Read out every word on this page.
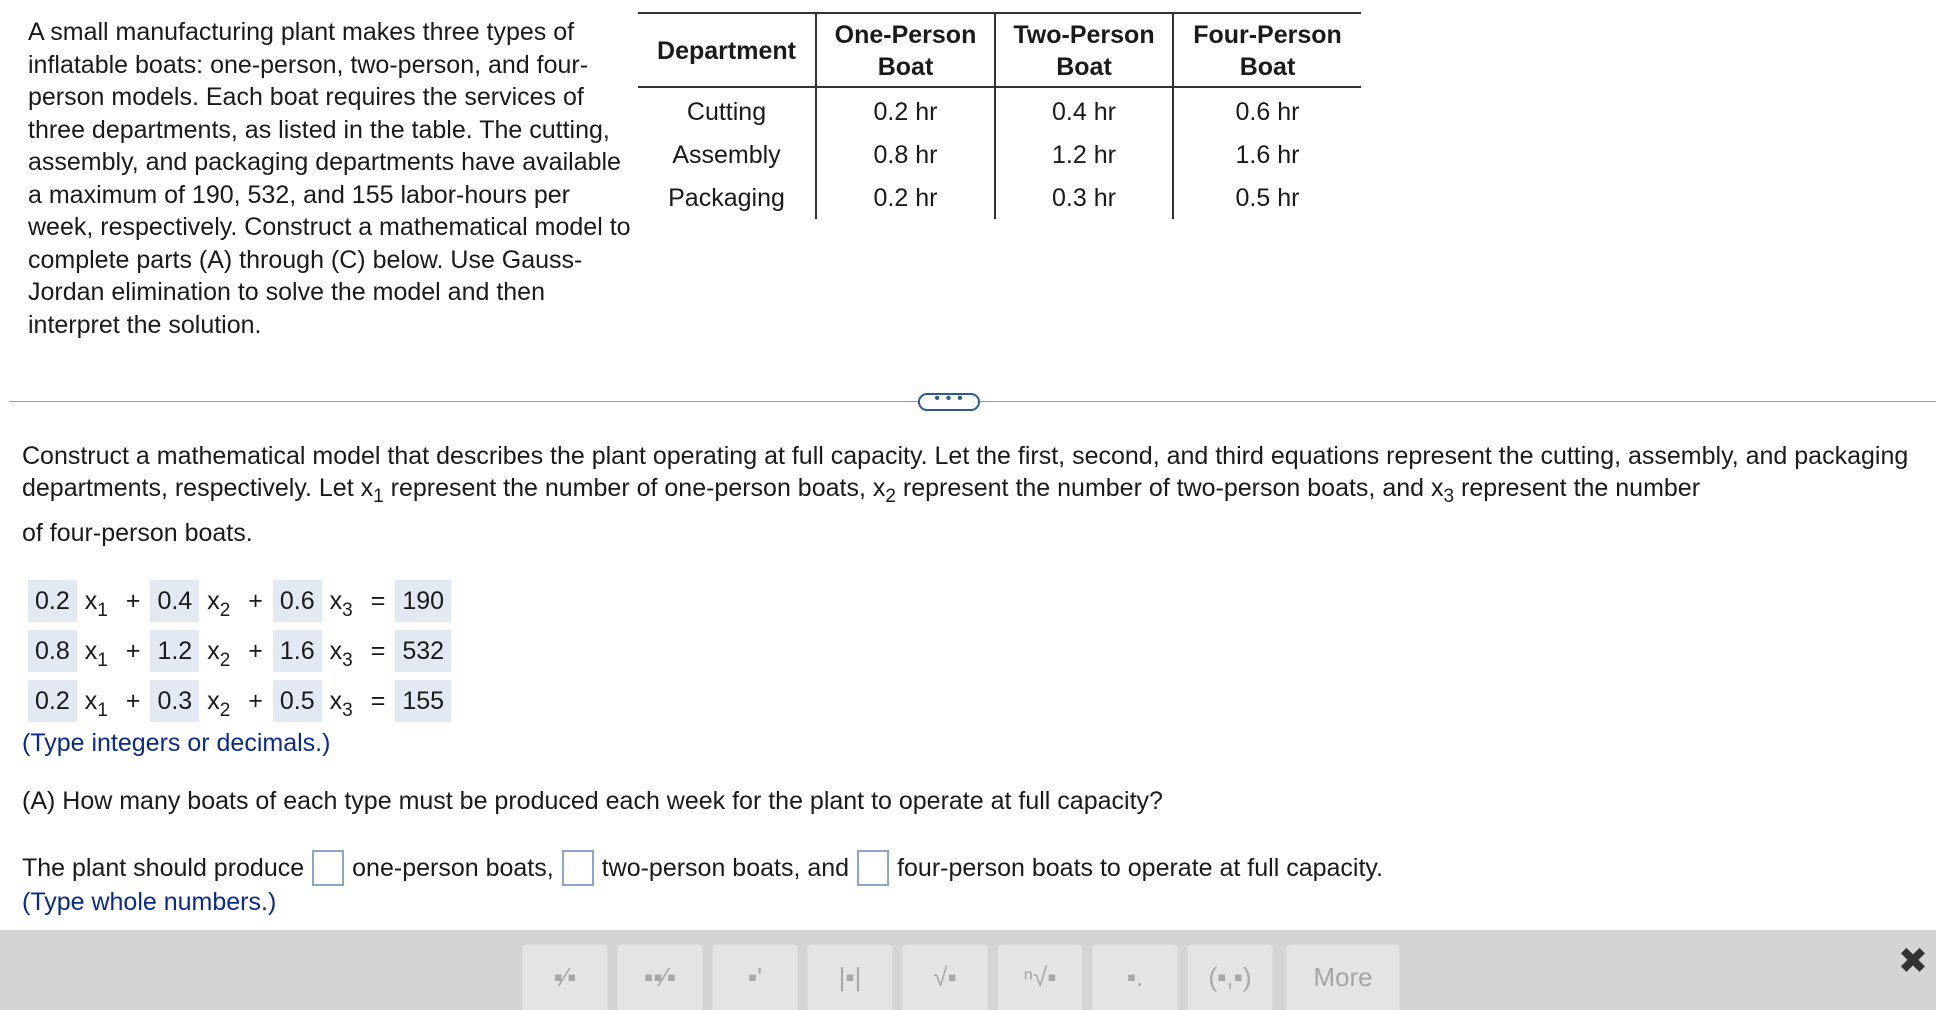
A small manufacturing plant makes three types of inflatable boats: one-person, two-person, and four-person models. Each boat requires the services of three departments, as listed in the table. The cutting, assembly, and packaging departments have available a maximum of 190, 532, and 155 labor-hours per week, respectively. Construct a mathematical model to complete parts (A) through (C) below. Use Gauss-Jordan elimination to solve the model and then interpret the solution.

Department	One-Person Boat	Two-Person Boat	Four-Person Boat
Cutting	0.2 hr	0.4 hr	0.6 hr
Assembly	0.8 hr	1.2 hr	1.6 hr
Packaging	0.2 hr	0.3 hr	0.5 hr
• • •

Construct a mathematical model that describes the plant operating at full capacity. Let the first, second, and third equations represent the cutting, assembly, and packaging departments, respectively. Let $x_1$ represent the number of one-person boats, $x_2$ represent the number of two-person boats, and $x_3$ represent the number
of four-person boats.

0.2 x 1 + 0.4 x 2 + 0.6 x 3 = 190
0.8 x 1 + 1.2 x 2 + 1.6 x 3 = 532
0.2 x 1 + 0.3 x 2 + 0.5 x 3 = 155
(Type integers or decimals.)
(A) How many boats of each type must be produced each week for the plant to operate at full capacity?
The plant should produce one-person boats, two-person boats, and four-person boats to operate at full capacity.
(Type whole numbers.)
▪∕▪	▪▪∕▪	▪'	|▪|	√▪	ⁿ√▪	▪.	(▪,▪)	More	✖
